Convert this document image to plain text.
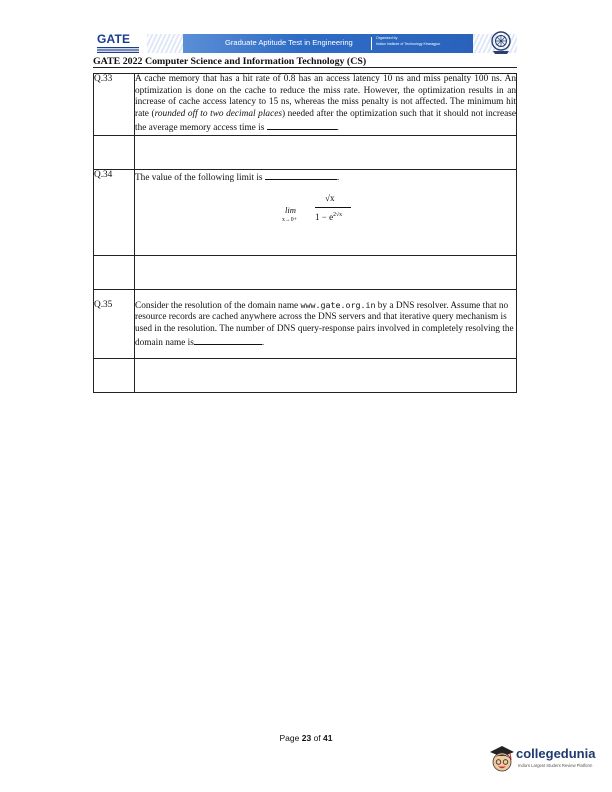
GATE	Graduate Aptitude Test in Engineering	Organised by
Indian Institute of Technology Kharagpur
GATE 2022 Computer Science and Information Technology (CS)
Q.33	A cache memory that has a hit rate of 0.8 has an access latency 10 ns and miss penalty 100 ns. An optimization is done on the cache to reduce the miss rate. However, the optimization results in an increase of cache access latency to 15 ns, whereas the miss penalty is not affected. The minimum hit rate (rounded off to two decimal places) needed after the optimization such that it should not increase the average memory access time is .

Q.34	The value of the following limit is .
lim
x→0+
√x
$1 - e^{2√x}$

Q.35	Consider the resolution of the domain name www.gate.org.in by a DNS resolver. Assume that no resource records are cached anywhere across the DNS servers and that iterative query mechanism is used in the resolution. The number of DNS query-response pairs involved in completely resolving the domain name is .

Page 23 of 41
collegedunia
India's Largest Student Review Platform
